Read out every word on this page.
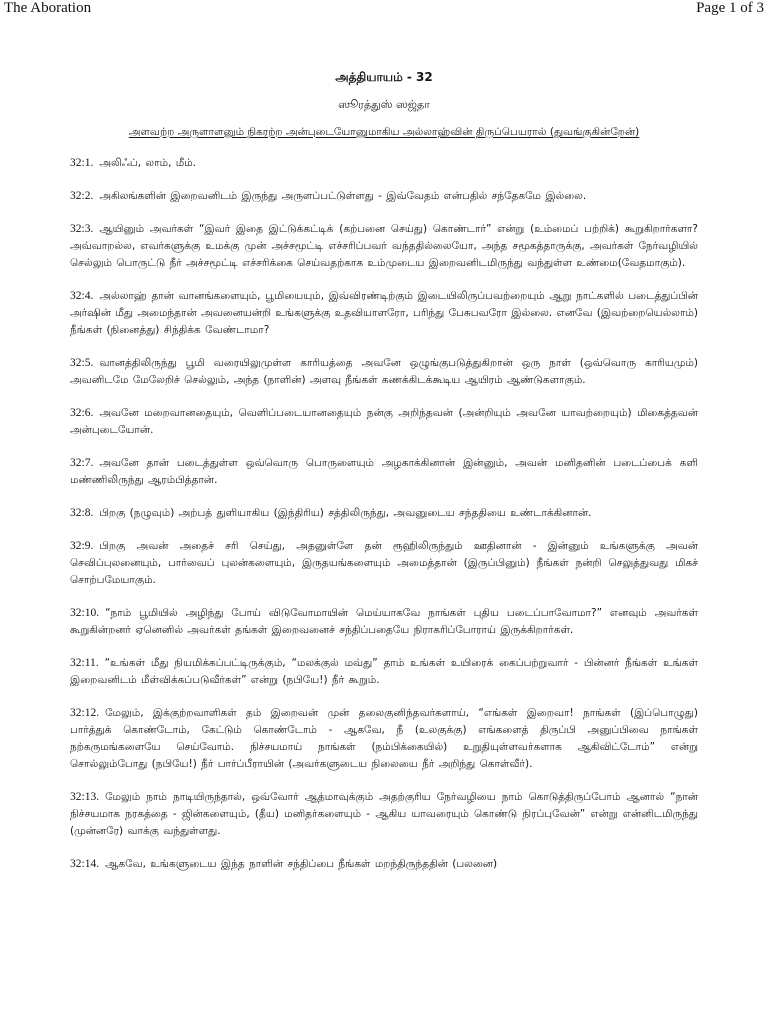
The Aboration	Page 1 of 3
அத்தியாயம் - 32
ஸூரத்துஸ் ஸஜ்தா
அளவற்ற அருளாளனும் நிகரற்ற அன்புடையோனுமாகிய அல்லாஹ்வின் திருப்பெயரால் (துவங்குகின்றேன்)

32:1. அலிஃப், லாம், மீம்.

32:2. அகிலங்களின் இறைவனிடம் இருந்து அருளப்பட்டுள்ளது - இவ்வேதம் என்பதில் சந்தேகமே இல்லை.

32:3. ஆயினும் அவர்கள் “இவர் இதை இட்டுக்கட்டிக் (கற்பனை செய்து) கொண்டார்” என்று (உம்மைப் பற்றிக்) கூறுகிறார்களா? அவ்வாறல்ல, எவர்களுக்கு உமக்கு முன் அச்சமூட்டி எச்சரிப்பவர் வந்ததில்லையோ, அந்த சமூகத்தாருக்கு, அவர்கள் நேர்வழியில் செல்லும் பொருட்டு நீர் அச்சமூட்டி எச்சரிக்கை செய்வதற்காக உம்முடைய இறைவனிடமிருந்து வந்துள்ள உண்மை(வேதமாகும்).

32:4. அல்லாஹ் தான் வானங்களையும், பூமியையும், இவ்விரண்டிற்கும் இடையிலிருப்பவற்றையும் ஆறு நாட்களில் படைத்துப்பின் அர்ஷின் மீது அமைந்தான் அவனையன்றி உங்களுக்கு உதவியாளரோ, பரிந்து பேசுபவரோ இல்லை. எனவே (இவற்றையெல்லாம்) நீங்கள் (நினைத்து) சிந்திக்க வேண்டாமா?

32:5. வானத்திலிருந்து பூமி வரையிலுமுள்ள காரியத்தை அவனே ஒழுங்குபடுத்துகிறான் ஒரு நாள் (ஒவ்வொரு காரியமும்) அவனிடமே மேலேறிச் செல்லும், அந்த (நாளின்) அளவு நீங்கள் கணக்கிடக்கூடிய ஆயிரம் ஆண்டுகளாகும்.

32:6. அவனே மறைவானதையும், வெளிப்படையானதையும் நன்கு அறிந்தவன் (அன்றியும் அவனே யாவற்றையும்) மிகைத்தவன் அன்புடையோன்.

32:7. அவனே தான் படைத்துள்ள ஒவ்வொரு பொருளையும் அழகாக்கினான் இன்னும், அவன் மனிதனின் படைப்பைக் களி மண்ணிலிருந்து ஆரம்பித்தான்.

32:8. பிறகு (நழுவும்) அற்பத் துளியாகிய (இந்திரிய) சத்திலிருந்து, அவனுடைய சந்ததியை உண்டாக்கினான்.

32:9. பிறகு அவன் அதைச் சரி செய்து, அதனுள்ளே தன் ரூஹிலிருந்தும் ஊதினான் - இன்னும் உங்களுக்கு அவன் செவிப்புலனையும், பார்வைப் புலன்களையும், இருதயங்களையும் அமைத்தான் (இருப்பினும்) நீங்கள் நன்றி செலுத்துவது மிகச் சொற்பமேயாகும்.

32:10. “நாம் பூமியில் அழிந்து போய் விடுவோமாயின் மெய்யாகவே நாங்கள் புதிய படைப்பாவோமா?” எனவும் அவர்கள் கூறுகின்றனர் ஏனெனில் அவர்கள் தங்கள் இறைவனைச் சந்திப்பதையே நிராகரிப்போராய் இருக்கிறார்கள்.

32:11. “உங்கள் மீது நியமிக்கப்பட்டிருக்கும், “மலக்குல் மவ்து” தாம் உங்கள் உயிரைக் கைப்பற்றுவார் - பின்னர் நீங்கள் உங்கள் இறைவனிடம் மீள்விக்கப்படுவீர்கள்” என்று (நபியே!) நீர் கூறும்.

32:12. மேலும், இக்குற்றவாளிகள் தம் இறைவன் முன் தலைகுனிந்தவர்களாய், “எங்கள் இறைவா! நாங்கள் (இப்பொழுது) பார்த்துக் கொண்டோம், கேட்டும் கொண்டோம் - ஆகவே, நீ (உலகுக்கு) எங்களைத் திருப்பி அனுப்பிவை நாங்கள் நற்கருமங்களையே செய்வோம். நிச்சயமாய் நாங்கள் (நம்பிக்கையில்) உறுதியுள்ளவர்களாக ஆகிவிட்டோம்” என்று சொல்லும்போது (நபியே!) நீர் பார்ப்பீராயின் (அவர்களுடைய நிலையை நீர் அறிந்து கொள்வீர்).

32:13. மேலும் நாம் நாடியிருந்தால், ஒவ்வோர் ஆத்மாவுக்கும் அதற்குரிய நேர்வழியை நாம் கொடுத்திருப்போம் ஆனால் “நான் நிச்சயமாக நரகத்தை - ஜின்களையும், (தீய) மனிதர்களையும் - ஆகிய யாவரையும் கொண்டு நிரப்புவேன்” என்று என்னிடமிருந்து (முன்னரே) வாக்கு வந்துள்ளது.

32:14. ஆகவே, உங்களுடைய இந்த நாளின் சந்திப்பை நீங்கள் மறந்திருந்ததின் (பலனை)
